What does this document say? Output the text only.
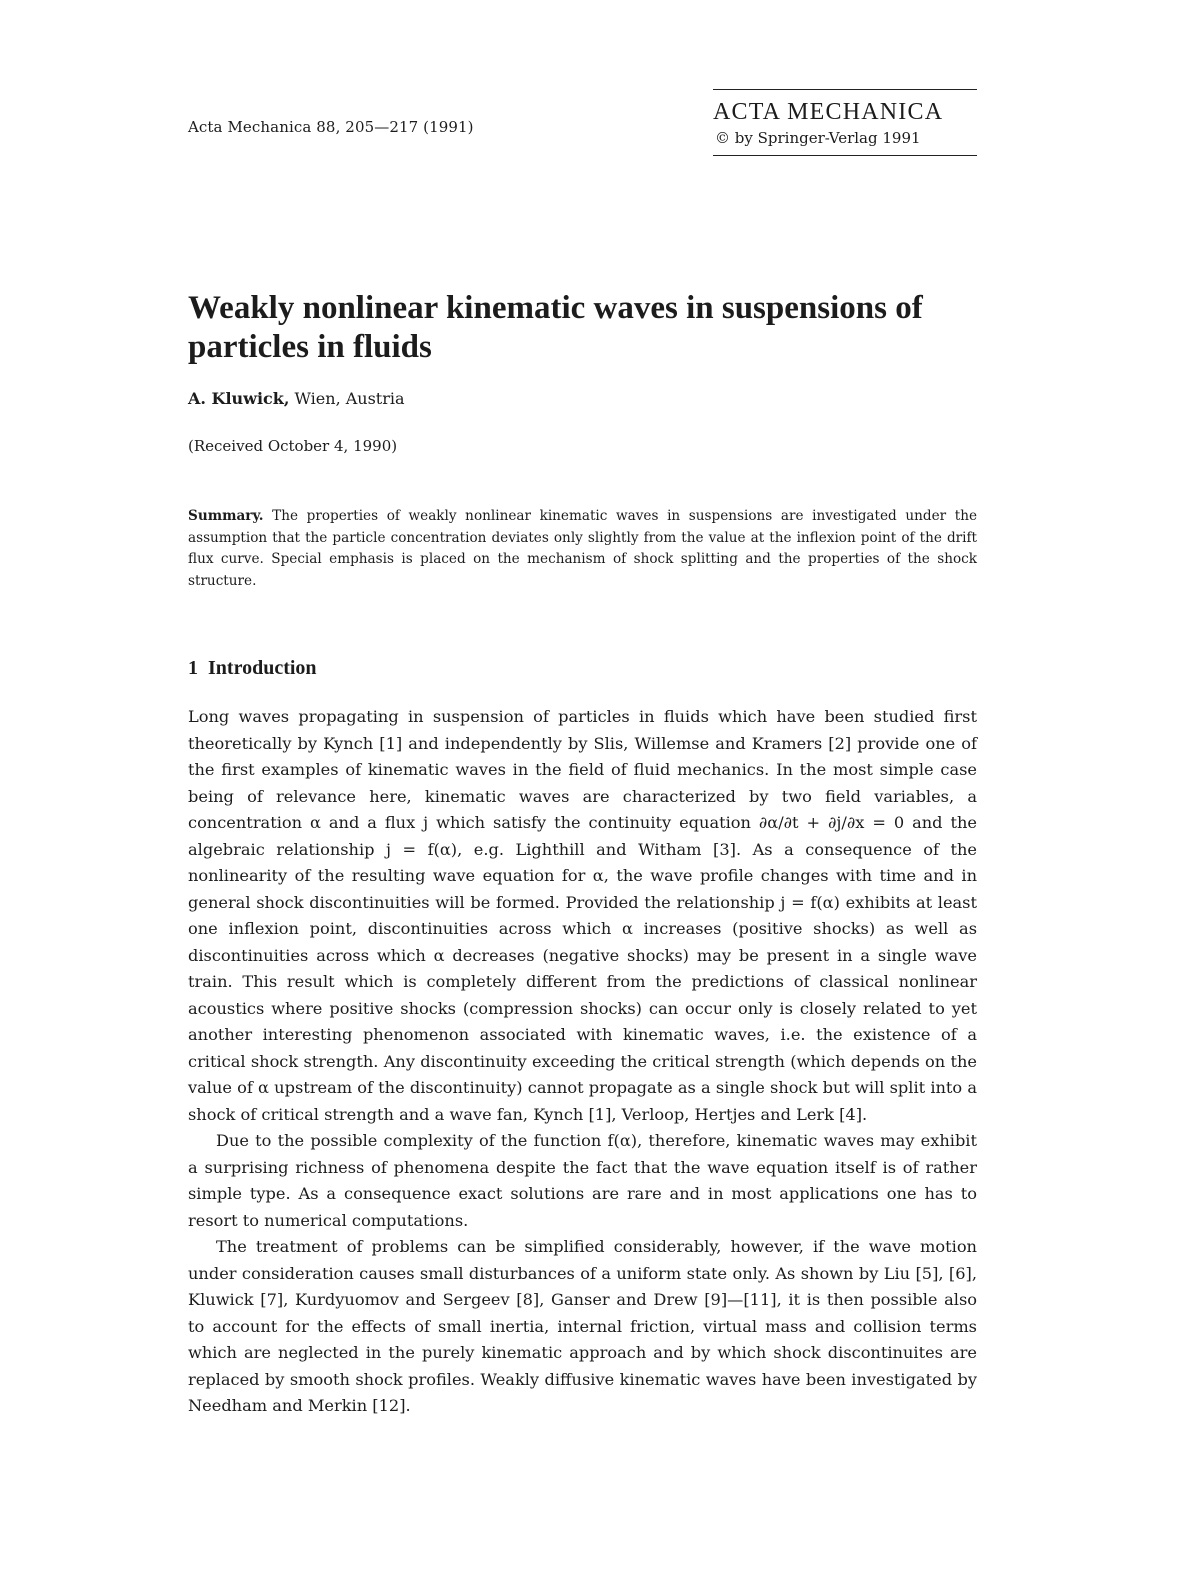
Acta Mechanica 88, 205—217 (1991)
ACTA MECHANICA
© by Springer-Verlag 1991
Weakly nonlinear kinematic waves in suspensions of particles in fluids
A. Kluwick, Wien, Austria
(Received October 4, 1990)

Summary. The properties of weakly nonlinear kinematic waves in suspensions are investigated under the assumption that the particle concentration deviates only slightly from the value at the inflexion point of the drift flux curve. Special emphasis is placed on the mechanism of shock splitting and the properties of the shock structure.

1 Introduction

Long waves propagating in suspension of particles in fluids which have been studied first theoretically by Kynch [1] and independently by Slis, Willemse and Kramers [2] provide one of the first examples of kinematic waves in the field of fluid mechanics. In the most simple case being of relevance here, kinematic waves are characterized by two field variables, a concentration α and a flux j which satisfy the continuity equation ∂α/∂t + ∂j/∂x = 0 and the algebraic relationship j = f(α), e.g. Lighthill and Witham [3]. As a consequence of the nonlinearity of the resulting wave equation for α, the wave profile changes with time and in general shock discontinuities will be formed. Provided the relationship j = f(α) exhibits at least one inflexion point, discontinuities across which α increases (positive shocks) as well as discontinuities across which α decreases (negative shocks) may be present in a single wave train. This result which is completely different from the predictions of classical nonlinear acoustics where positive shocks (compression shocks) can occur only is closely related to yet another interesting phenomenon associated with kinematic waves, i.e. the existence of a critical shock strength. Any discontinuity exceeding the critical strength (which depends on the value of α upstream of the discontinuity) cannot propagate as a single shock but will split into a shock of critical strength and a wave fan, Kynch [1], Verloop, Hertjes and Lerk [4].

Due to the possible complexity of the function f(α), therefore, kinematic waves may exhibit a surprising richness of phenomena despite the fact that the wave equation itself is of rather simple type. As a consequence exact solutions are rare and in most applications one has to resort to numerical computations.

The treatment of problems can be simplified considerably, however, if the wave motion under consideration causes small disturbances of a uniform state only. As shown by Liu [5], [6], Kluwick [7], Kurdyuomov and Sergeev [8], Ganser and Drew [9]—[11], it is then possible also to account for the effects of small inertia, internal friction, virtual mass and collision terms which are neglected in the purely kinematic approach and by which shock discontinuites are replaced by smooth shock profiles. Weakly diffusive kinematic waves have been investigated by Needham and Merkin [12].
